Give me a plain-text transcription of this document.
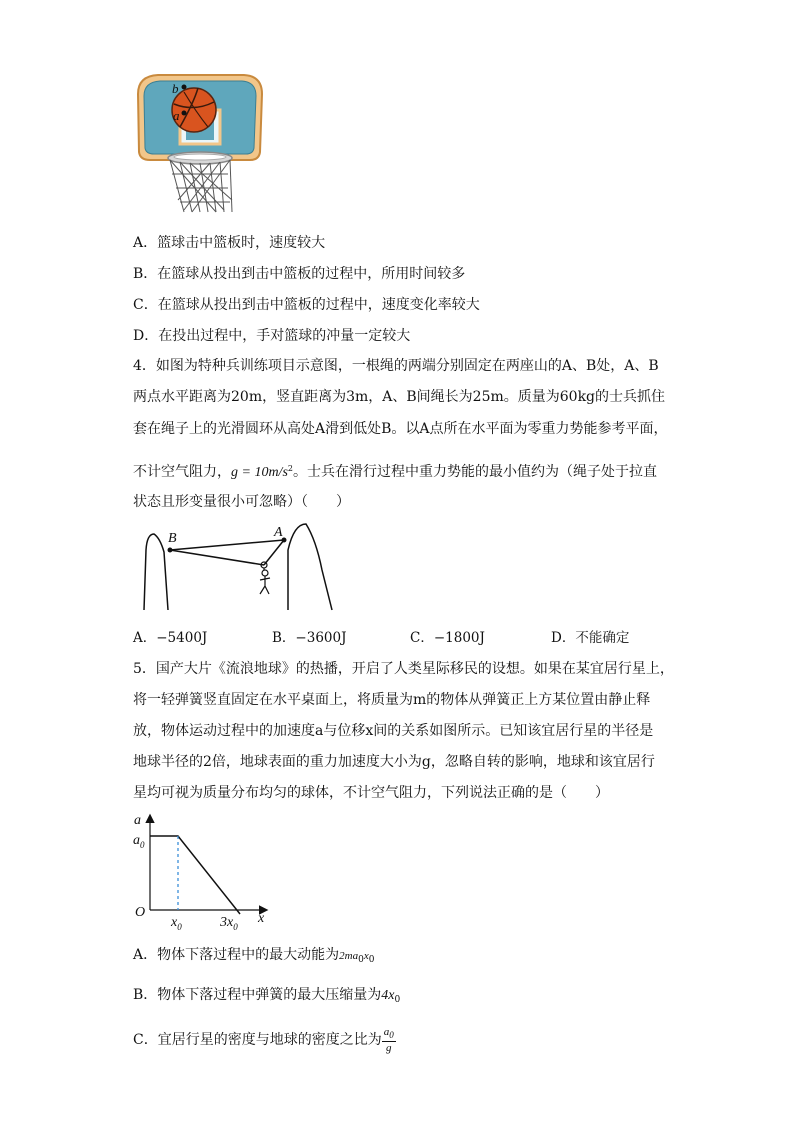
b
a
A．篮球击中篮板时，速度较大
B．在篮球从投出到击中篮板的过程中，所用时间较多
C．在篮球从投出到击中篮板的过程中，速度变化率较大
D．在投出过程中，手对篮球的冲量一定较大
4．如图为特种兵训练项目示意图，一根绳的两端分别固定在两座山的A、B处，A、B
两点水平距离为20m，竖直距离为3m，A、B间绳长为25m。质量为60kg的士兵抓住
套在绳子上的光滑圆环从高处A滑到低处B。以A点所在水平面为零重力势能参考平面，
不计空气阻力，$g = 10m/s^2$。士兵在滑行过程中重力势能的最小值约为（绳子处于拉直
状态且形变量很小可忽略）（　　）
B	A
A．−5400J	B．−3600J	C．−1800J	D．不能确定
5．国产大片《流浪地球》的热播，开启了人类星际移民的设想。如果在某宜居行星上，
将一轻弹簧竖直固定在水平桌面上，将质量为m的物体从弹簧正上方某位置由静止释
放，物体运动过程中的加速度a与位移x间的关系如图所示。已知该宜居行星的半径是
地球半径的2倍，地球表面的重力加速度大小为g，忽略自转的影响，地球和该宜居行
星均可视为质量分布均匀的球体，不计空气阻力，下列说法正确的是（　　）
a
x
O
$a_0$
$x_0$	$3x_0$
A．物体下落过程中的最大动能为$2ma_0x_0$
B．物体下落过程中弹簧的最大压缩量为$4x_0$
C．宜居行星的密度与地球的密度之比为 $\frac{a_0}{g}$
